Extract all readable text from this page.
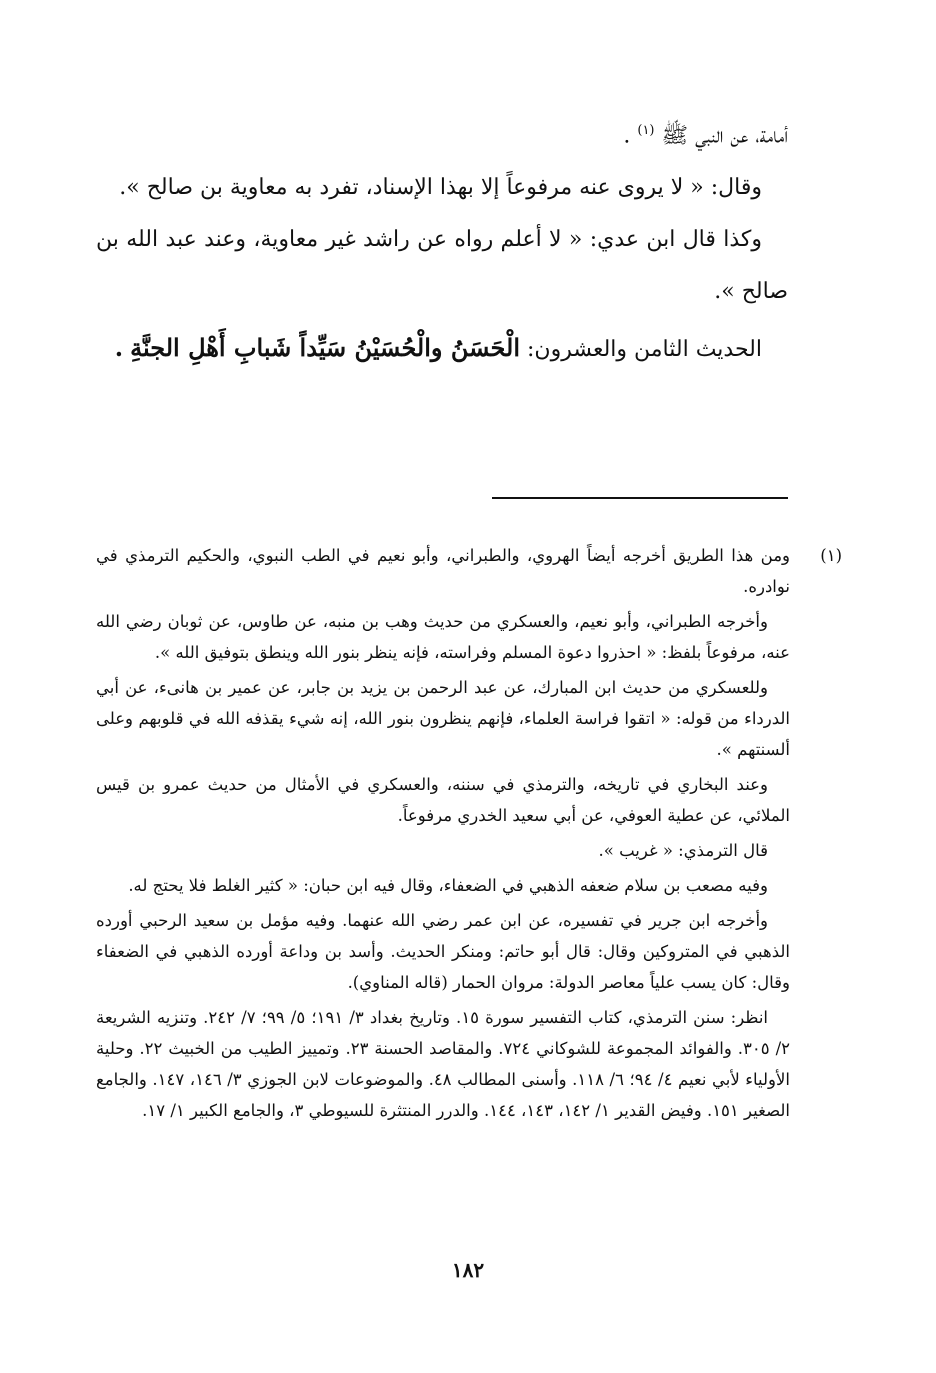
أمامة، عن النبي ﷺ $^{(١)}$ .

وقال: « لا يروى عنه مرفوعاً إلا بهذا الإسناد، تفرد به معاوية بن صالح ».

وكذا قال ابن عدي: « لا أعلم رواه عن راشد غير معاوية، وعند عبد الله بن صالح ».

الحديث الثامن والعشرون: الْحَسَنُ والْحُسَيْنُ سَيِّداً شَبابِ أَهْلِ الجنَّةِ .

(١)
ومن هذا الطريق أخرجه أيضاً الهروي، والطبراني، وأبو نعيم في الطب النبوي، والحكيم الترمذي في نوادره.

وأخرجه الطبراني، وأبو نعيم، والعسكري من حديث وهب بن منبه، عن طاوس، عن ثوبان رضي الله عنه، مرفوعاً بلفظ: « احذروا دعوة المسلم وفراسته، فإنه ينظر بنور الله وينطق بتوفيق الله ».

وللعسكري من حديث ابن المبارك، عن عبد الرحمن بن يزيد بن جابر، عن عمير بن هانىء، عن أبي الدرداء من قوله: « اتقوا فراسة العلماء، فإنهم ينظرون بنور الله، إنه شيء يقذفه الله في قلوبهم وعلى ألسنتهم ».

وعند البخاري في تاريخه، والترمذي في سننه، والعسكري في الأمثال من حديث عمرو بن قيس الملائي، عن عطية العوفي، عن أبي سعيد الخدري مرفوعاً.

قال الترمذي: « غريب ».

وفيه مصعب بن سلام ضعفه الذهبي في الضعفاء، وقال فيه ابن حبان: « كثير الغلط فلا يحتج له.

وأخرجه ابن جرير في تفسيره، عن ابن عمر رضي الله عنهما. وفيه مؤمل بن سعيد الرحبي أورده الذهبي في المتروكين وقال: قال أبو حاتم: ومنكر الحديث. وأسد بن وداعة أورده الذهبي في الضعفاء وقال: كان يسب علياً معاصر الدولة: مروان الحمار (قاله المناوي).

انظر: سنن الترمذي، كتاب التفسير سورة ١٥. وتاريخ بغداد ٣/ ١٩١؛ ٥/ ٩٩؛ ٧/ ٢٤٢. وتنزيه الشريعة ٢/ ٣٠٥. والفوائد المجموعة للشوكاني ٧٢٤. والمقاصد الحسنة ٢٣. وتمييز الطيب من الخبيث ٢٢. وحلية الأولياء لأبي نعيم ٤/ ٩٤؛ ٦/ ١١٨. وأسنى المطالب ٤٨. والموضوعات لابن الجوزي ٣/ ١٤٦، ١٤٧. والجامع الصغير ١٥١. وفيض القدير ١/ ١٤٢، ١٤٣، ١٤٤. والدرر المنتثرة للسيوطي ٣، والجامع الكبير ١/ ١٧.

١٨٢
